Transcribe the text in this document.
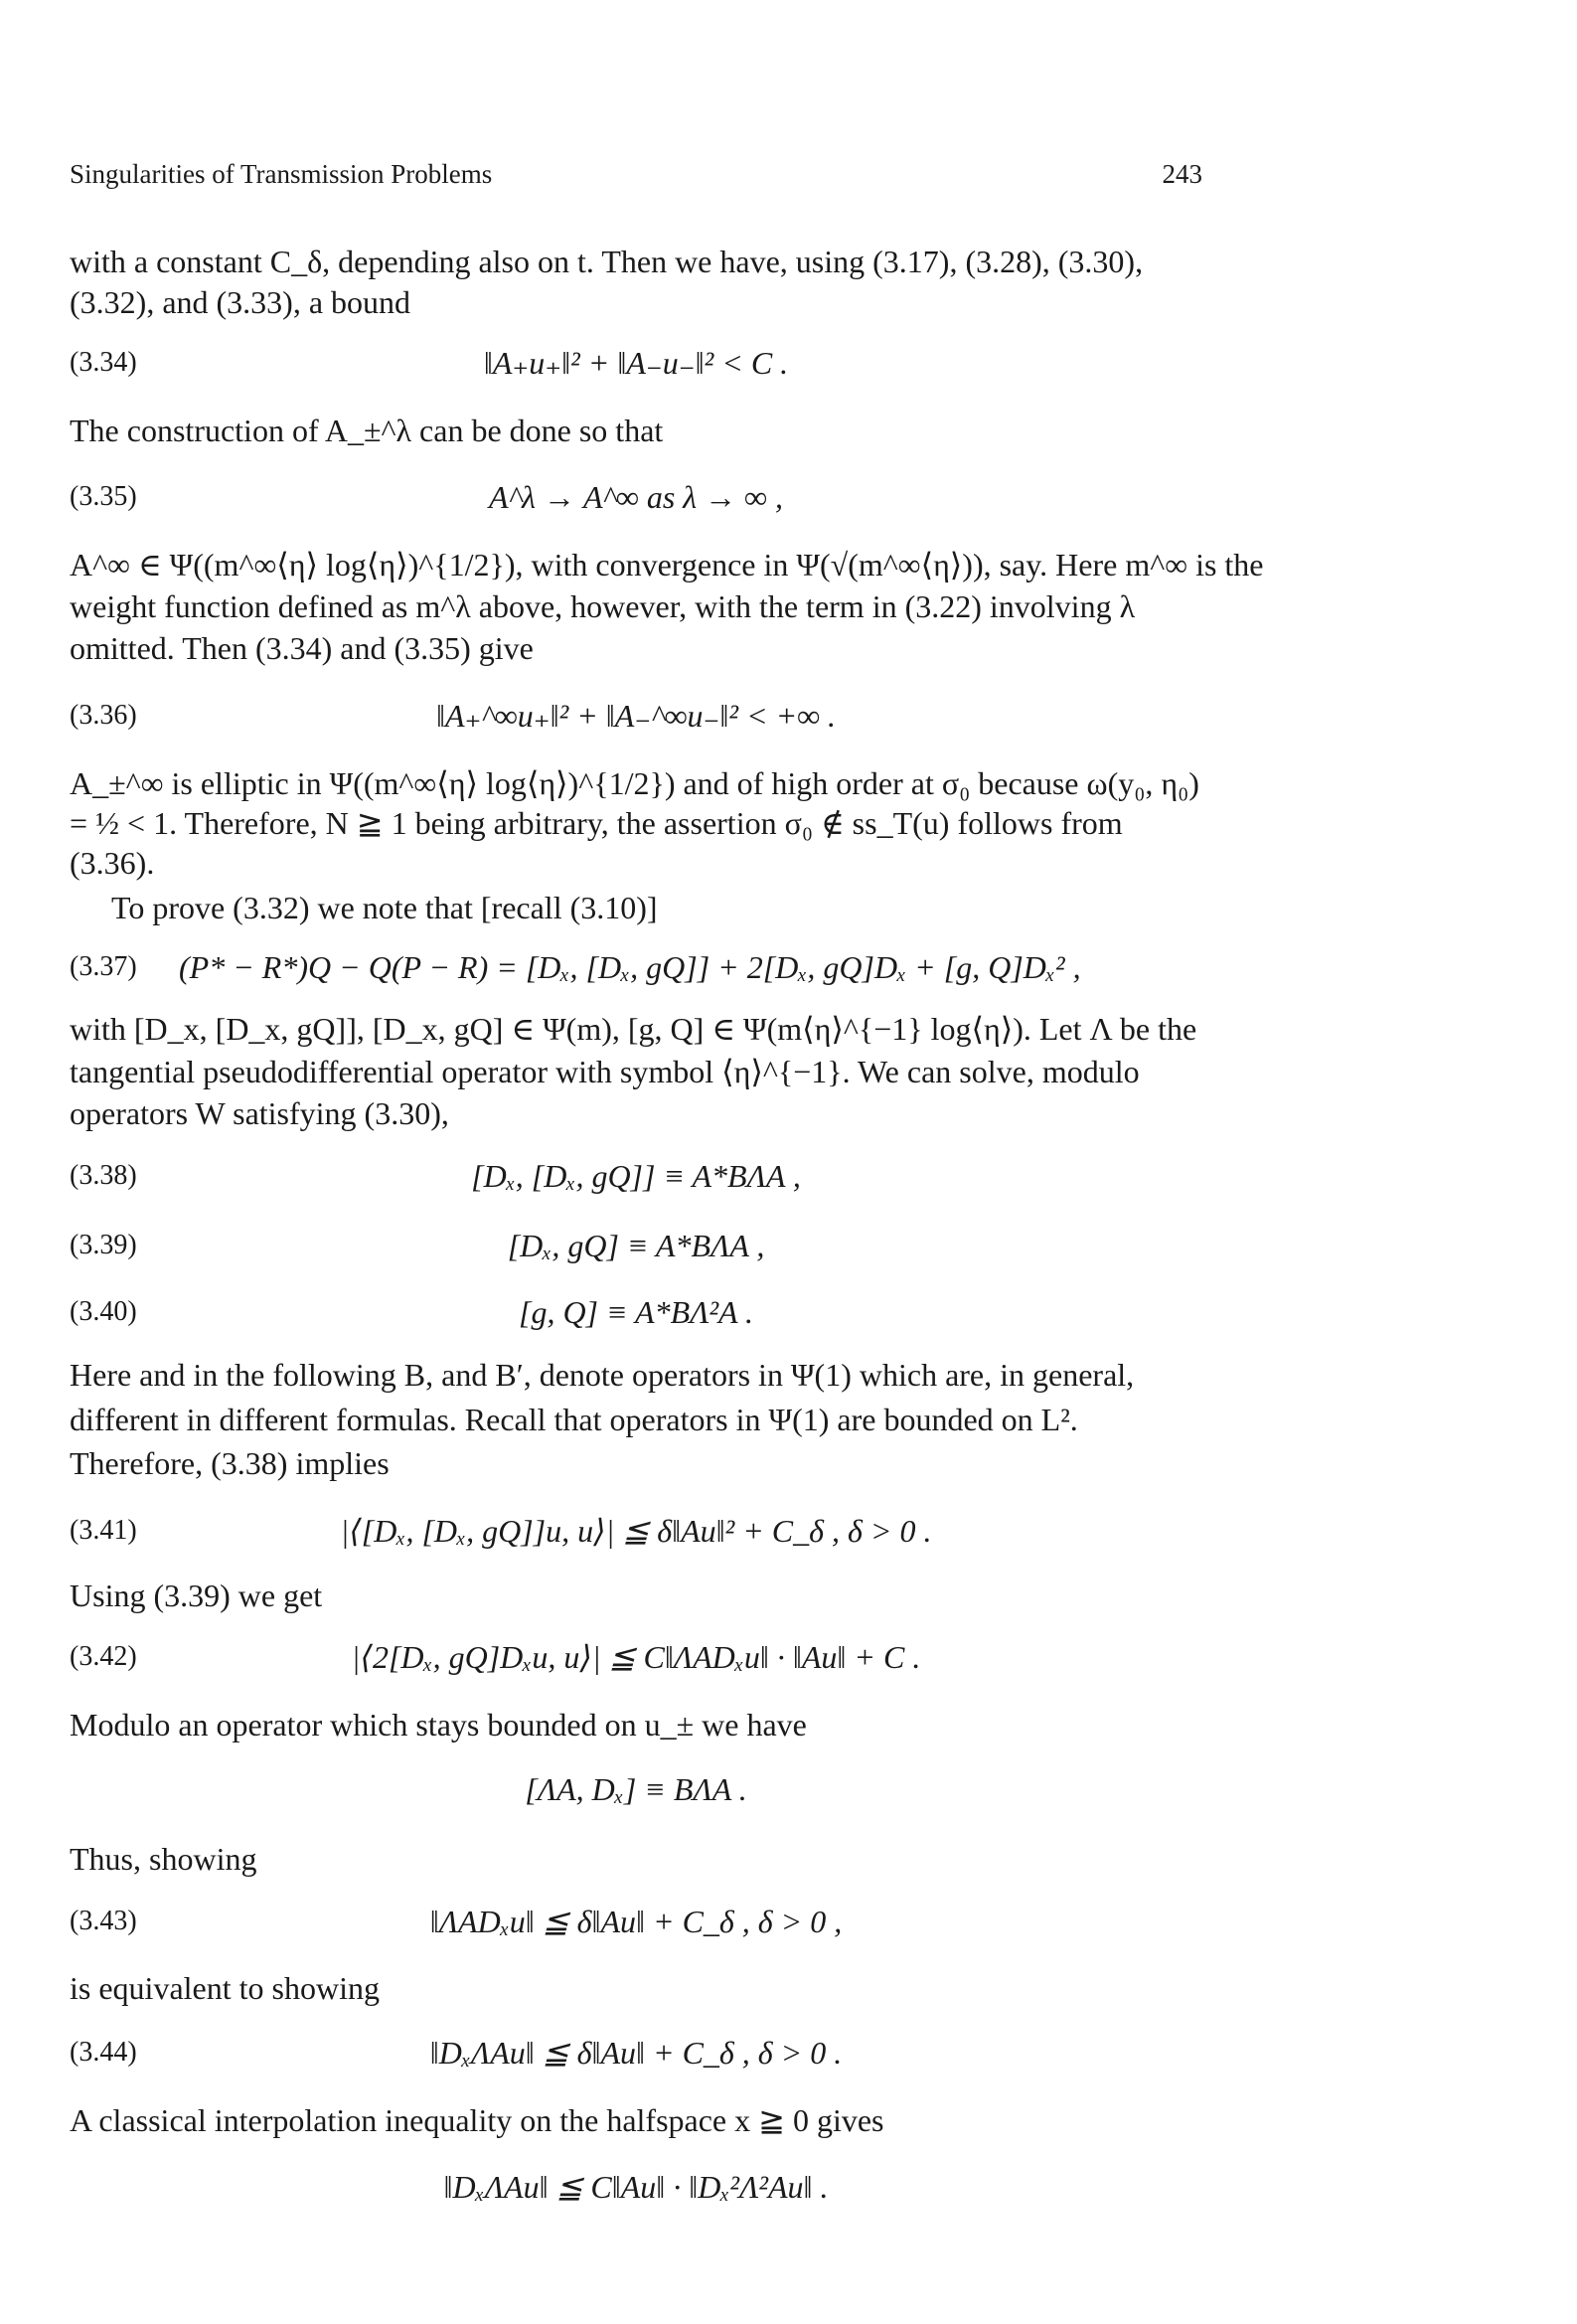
Singularities of Transmission Problems	243
with a constant C_δ, depending also on t. Then we have, using (3.17), (3.28), (3.30),
(3.32), and (3.33), a bound
(3.34)	‖A₊u₊‖² + ‖A₋u₋‖² < C .
The construction of A_±^λ can be done so that
(3.35)	A^λ → A^∞ as λ → ∞ ,
A^∞ ∈ Ψ((m^∞⟨η⟩ log⟨η⟩)^{1/2}), with convergence in Ψ(√(m^∞⟨η⟩)), say. Here m^∞ is the
weight function defined as m^λ above, however, with the term in (3.22) involving λ
omitted. Then (3.34) and (3.35) give
(3.36)	‖A₊^∞u₊‖² + ‖A₋^∞u₋‖² < +∞ .
A_±^∞ is elliptic in Ψ((m^∞⟨η⟩ log⟨η⟩)^{1/2}) and of high order at σ₀ because ω(y₀, η₀)
= ½ < 1. Therefore, N ≧ 1 being arbitrary, the assertion σ₀ ∉ ss_T(u) follows from
(3.36).
To prove (3.32) we note that [recall (3.10)]
(3.37) (P* − R*)Q − Q(P − R) = [Dₓ, [Dₓ, gQ]] + 2[Dₓ, gQ]Dₓ + [g, Q]Dₓ² ,
with [D_x, [D_x, gQ]], [D_x, gQ] ∈ Ψ(m), [g, Q] ∈ Ψ(m⟨η⟩^{−1} log⟨η⟩). Let Λ be the
tangential pseudodifferential operator with symbol ⟨η⟩^{−1}. We can solve, modulo
operators W satisfying (3.30),
(3.38)	[Dₓ, [Dₓ, gQ]] ≡ A*BΛA ,
(3.39)	[Dₓ, gQ] ≡ A*BΛA ,
(3.40)	[g, Q] ≡ A*BΛ²A .
Here and in the following B, and B′, denote operators in Ψ(1) which are, in general,
different in different formulas. Recall that operators in Ψ(1) are bounded on L².
Therefore, (3.38) implies
(3.41)	|⟨[Dₓ, [Dₓ, gQ]]u, u⟩| ≦ δ‖Au‖² + C_δ , δ > 0 .
Using (3.39) we get
(3.42)	|⟨2[Dₓ, gQ]Dₓu, u⟩| ≦ C‖ΛADₓu‖ · ‖Au‖ + C .
Modulo an operator which stays bounded on u_± we have
[ΛA, Dₓ] ≡ BΛA .
Thus, showing
(3.43)	‖ΛADₓu‖ ≦ δ‖Au‖ + C_δ , δ > 0 ,
is equivalent to showing
(3.44)	‖DₓΛAu‖ ≦ δ‖Au‖ + C_δ , δ > 0 .
A classical interpolation inequality on the halfspace x ≧ 0 gives
‖DₓΛAu‖ ≦ C‖Au‖ · ‖Dₓ²Λ²Au‖ .
